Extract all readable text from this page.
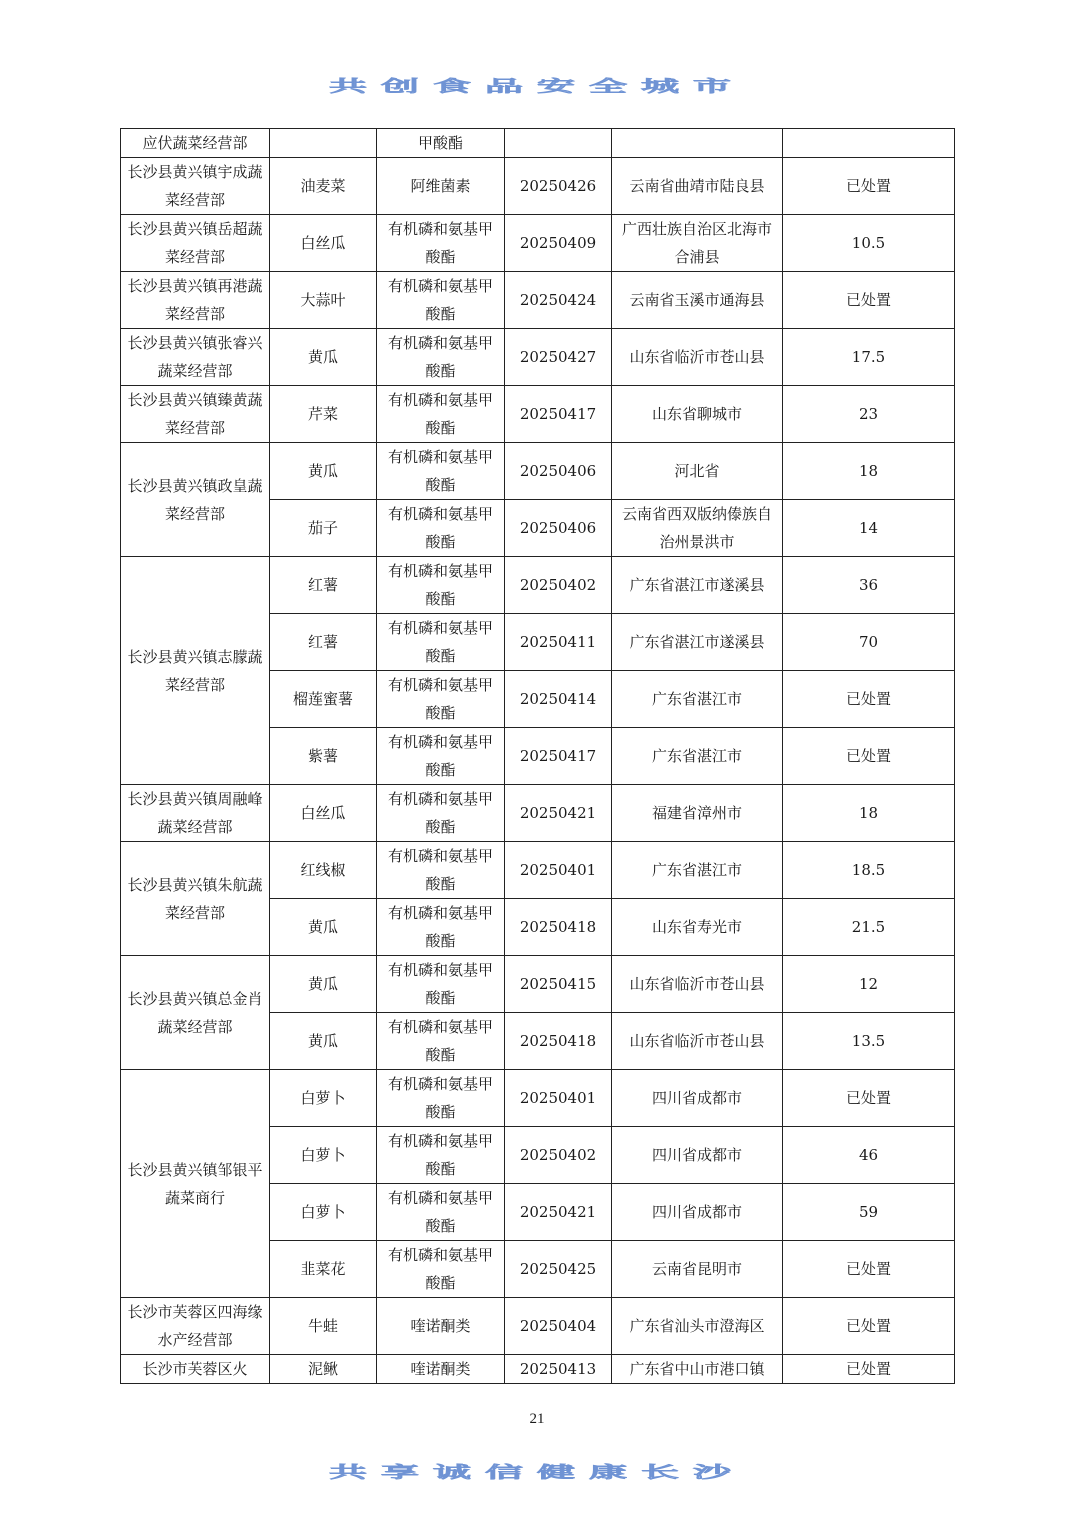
共创食品安全城市
应伏蔬菜经营部		甲酸酯			
长沙县黄兴镇宇成蔬菜经营部	油麦菜	阿维菌素	20250426	云南省曲靖市陆良县	已处置
长沙县黄兴镇岳超蔬菜经营部	白丝瓜	有机磷和氨基甲酸酯	20250409	广西壮族自治区北海市合浦县	10.5
长沙县黄兴镇再港蔬菜经营部	大蒜叶	有机磷和氨基甲酸酯	20250424	云南省玉溪市通海县	已处置
长沙县黄兴镇张睿兴蔬菜经营部	黄瓜	有机磷和氨基甲酸酯	20250427	山东省临沂市苍山县	17.5
长沙县黄兴镇臻黄蔬菜经营部	芹菜	有机磷和氨基甲酸酯	20250417	山东省聊城市	23
长沙县黄兴镇政皇蔬菜经营部	黄瓜	有机磷和氨基甲酸酯	20250406	河北省	18
	茄子	有机磷和氨基甲酸酯	20250406	云南省西双版纳傣族自治州景洪市	14
长沙县黄兴镇志朦蔬菜经营部	红薯	有机磷和氨基甲酸酯	20250402	广东省湛江市遂溪县	36
	红薯	有机磷和氨基甲酸酯	20250411	广东省湛江市遂溪县	70
	榴莲蜜薯	有机磷和氨基甲酸酯	20250414	广东省湛江市	已处置
	紫薯	有机磷和氨基甲酸酯	20250417	广东省湛江市	已处置
长沙县黄兴镇周融峰蔬菜经营部	白丝瓜	有机磷和氨基甲酸酯	20250421	福建省漳州市	18
长沙县黄兴镇朱航蔬菜经营部	红线椒	有机磷和氨基甲酸酯	20250401	广东省湛江市	18.5
	黄瓜	有机磷和氨基甲酸酯	20250418	山东省寿光市	21.5
长沙县黄兴镇总金肖蔬菜经营部	黄瓜	有机磷和氨基甲酸酯	20250415	山东省临沂市苍山县	12
	黄瓜	有机磷和氨基甲酸酯	20250418	山东省临沂市苍山县	13.5
长沙县黄兴镇邹银平蔬菜商行	白萝卜	有机磷和氨基甲酸酯	20250401	四川省成都市	已处置
	白萝卜	有机磷和氨基甲酸酯	20250402	四川省成都市	46
	白萝卜	有机磷和氨基甲酸酯	20250421	四川省成都市	59
	韭菜花	有机磷和氨基甲酸酯	20250425	云南省昆明市	已处置
长沙市芙蓉区四海缘水产经营部	牛蛙	喹诺酮类	20250404	广东省汕头市澄海区	已处置
长沙市芙蓉区火	泥鳅	喹诺酮类	20250413	广东省中山市港口镇	已处置
21
共享诚信健康长沙
